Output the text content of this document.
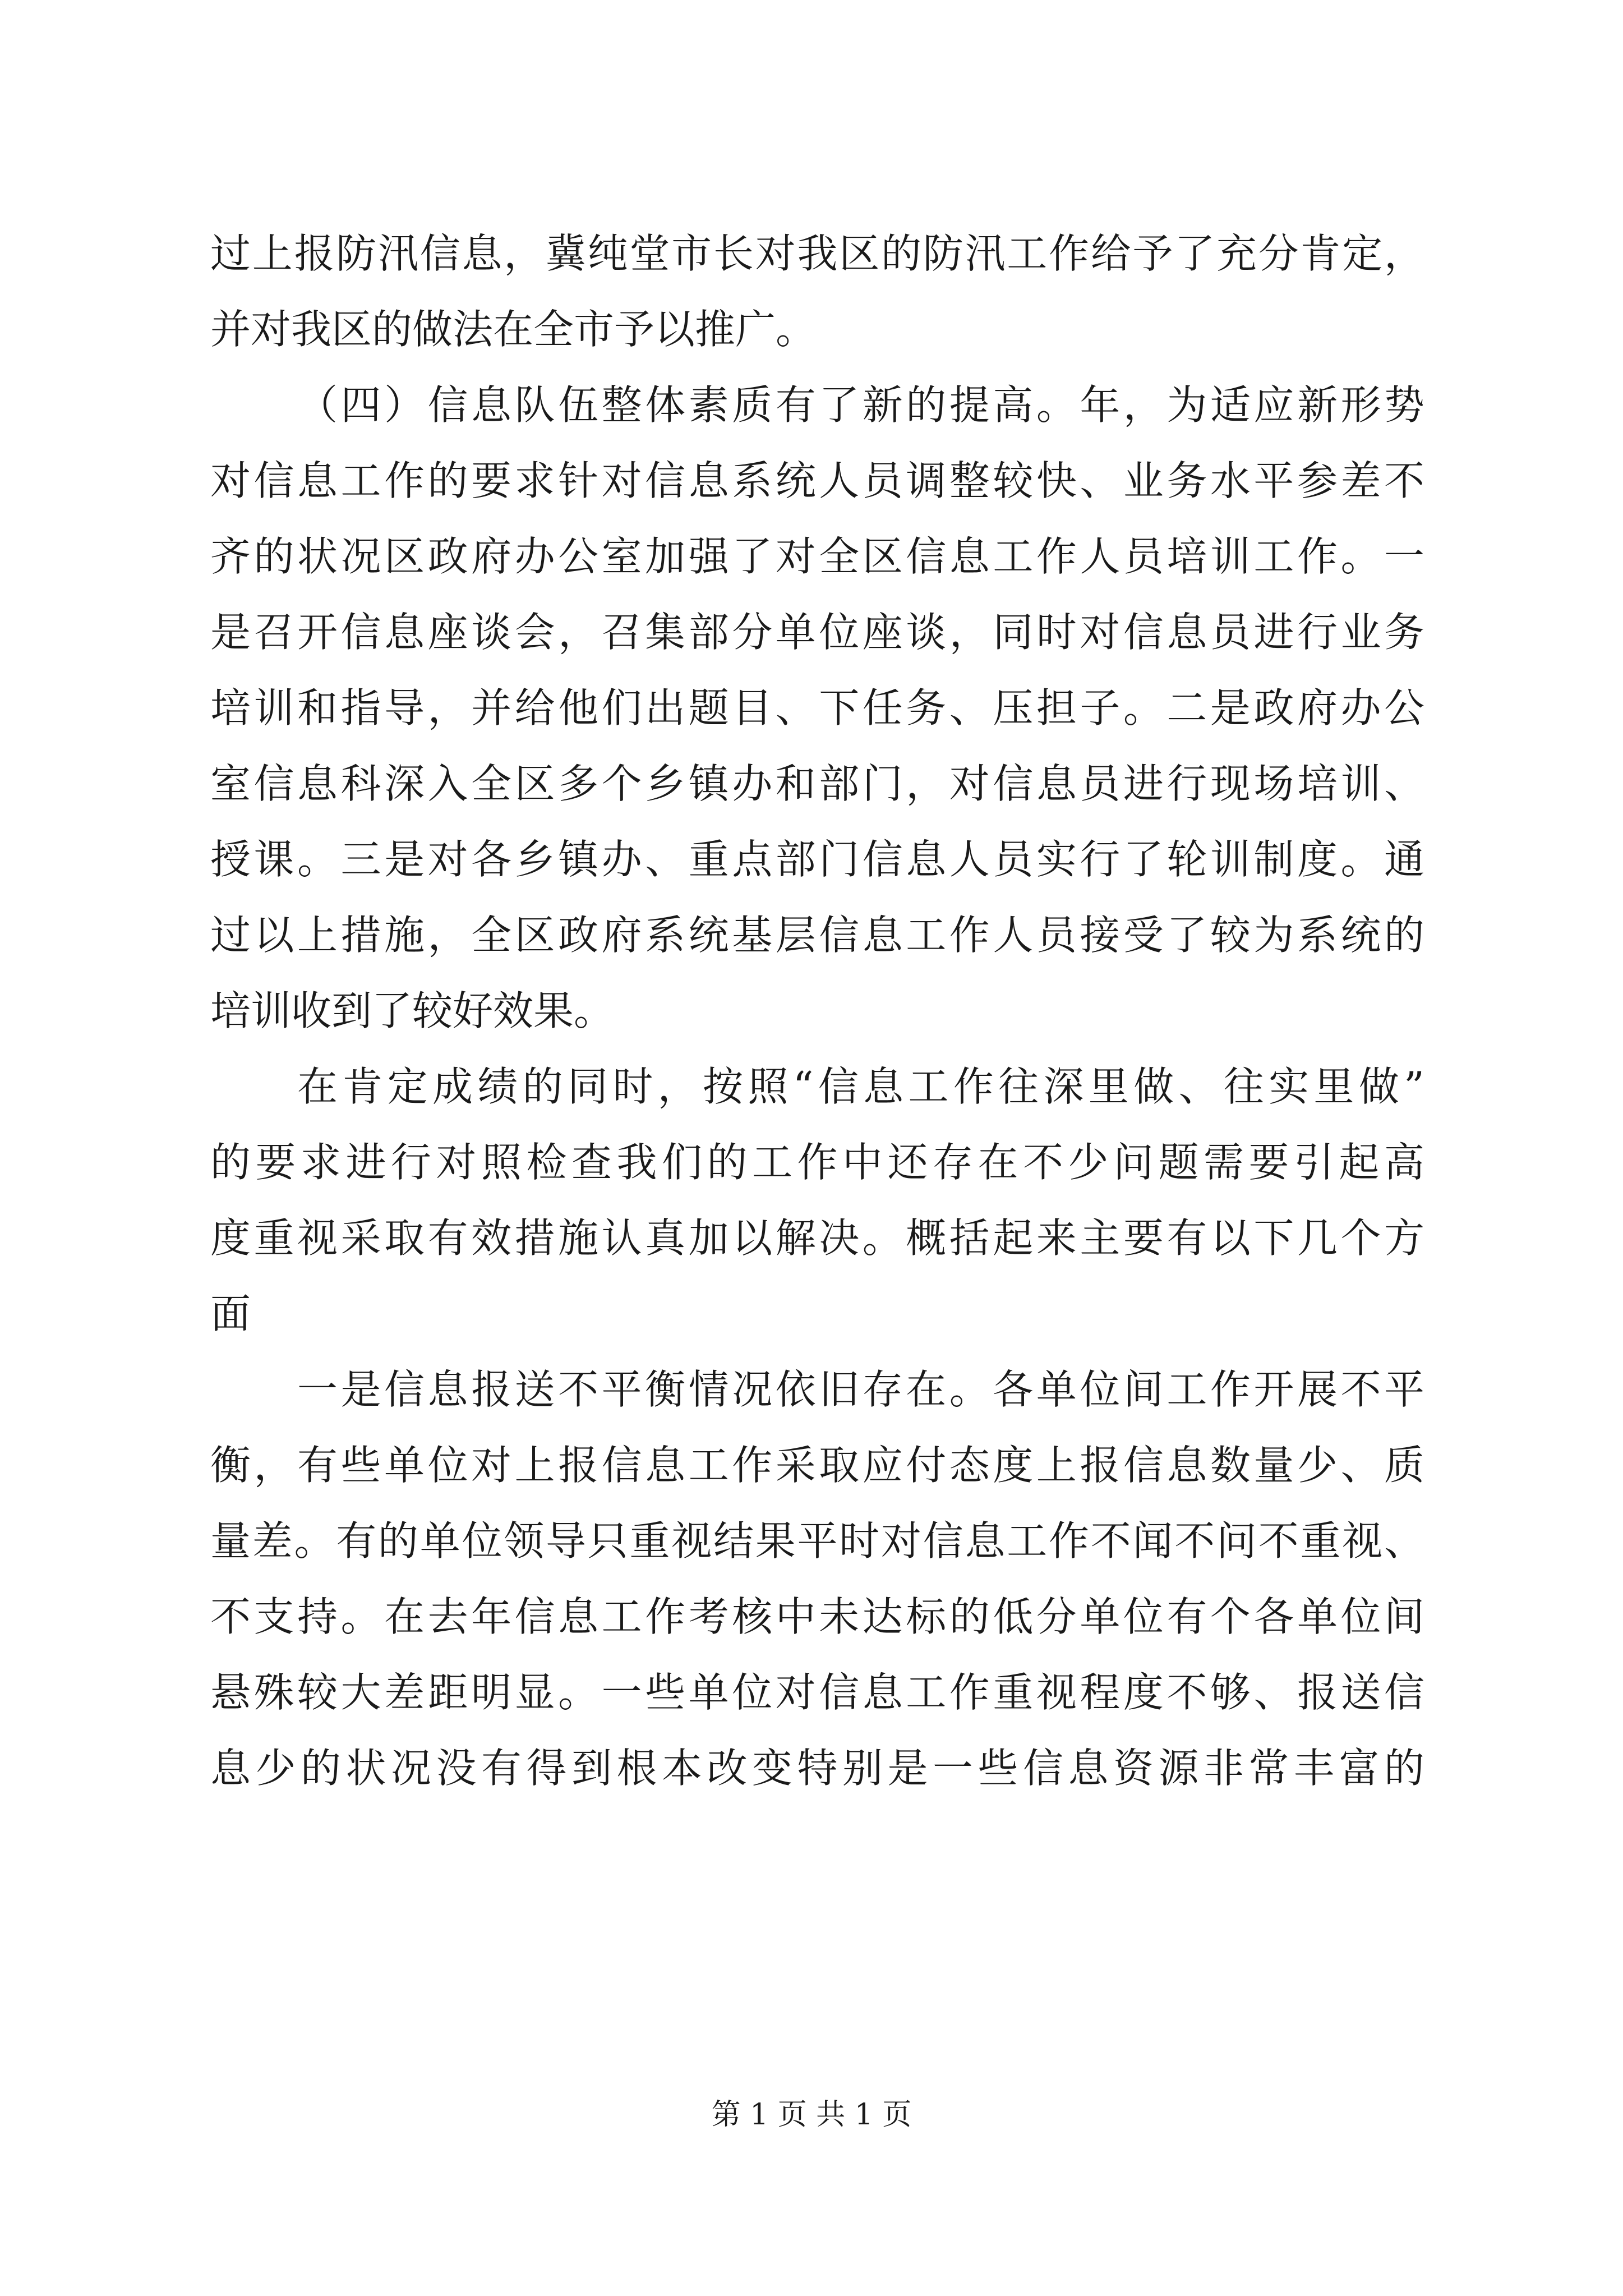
过上报防汛信息，冀纯堂市长对我区的防汛工作给予了充分肯定，
并对我区的做法在全市予以推广。
（四）信息队伍整体素质有了新的提高。年，为适应新形势
对信息工作的要求针对信息系统人员调整较快、业务水平参差不
齐的状况区政府办公室加强了对全区信息工作人员培训工作。一
是召开信息座谈会，召集部分单位座谈，同时对信息员进行业务
培训和指导，并给他们出题目、下任务、压担子。二是政府办公
室信息科深入全区多个乡镇办和部门，对信息员进行现场培训、
授课。三是对各乡镇办、重点部门信息人员实行了轮训制度。通
过以上措施，全区政府系统基层信息工作人员接受了较为系统的
培训收到了较好效果。
在肯定成绩的同时，按照“信息工作往深里做、往实里做”
的要求进行对照检查我们的工作中还存在不少问题需要引起高
度重视采取有效措施认真加以解决。概括起来主要有以下几个方
面
一是信息报送不平衡情况依旧存在。各单位间工作开展不平
衡，有些单位对上报信息工作采取应付态度上报信息数量少、质
量差。有的单位领导只重视结果平时对信息工作不闻不问不重视、
不支持。在去年信息工作考核中未达标的低分单位有个各单位间
悬殊较大差距明显。一些单位对信息工作重视程度不够、报送信
息少的状况没有得到根本改变特别是一些信息资源非常丰富的
第 1 页 共 1 页
